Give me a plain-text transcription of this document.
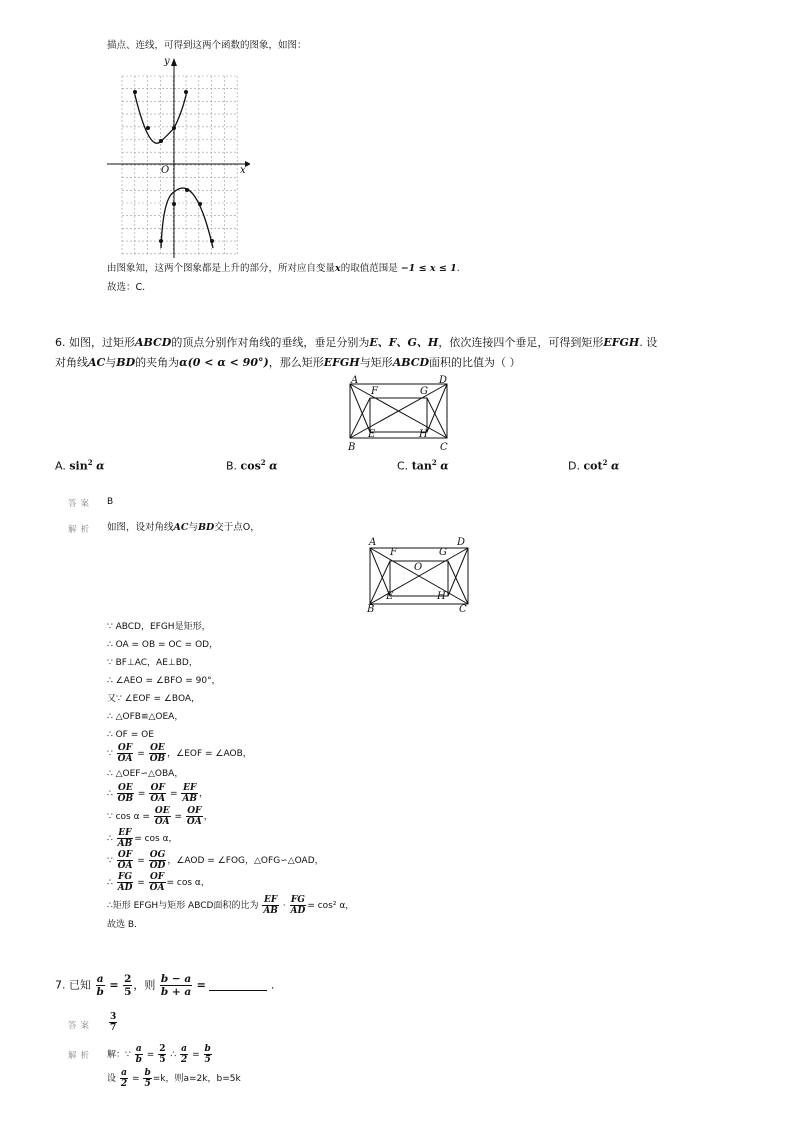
描点、连线，可得到这两个函数的图象，如图：
y
x
O
由图象知，这两个图象都是上升的部分，所对应自变量x的取值范围是 −1 ≤ x ≤ 1.
故选：C.
6. 如图，过矩形ABCD的顶点分别作对角线的垂线，垂足分别为E、F、G、H，依次连接四个垂足，可得到矩形EFGH. 设
对角线AC与BD的夹角为α(0 < α < 90°)，那么矩形EFGH与矩形ABCD面积的比值为（ ）
A	D
F	G
E	H
B	C
A. $\sin^2 \alpha$	B. $\cos^2 \alpha$	C. $\tan^2 \alpha$	D. $\cot^2 \alpha$
答案 B
解析 如图，设对角线AC与BD交于点O，
A	D
F	G
O
E	H
B	C
∵ ABCD，EFGH是矩形，
∴ OA = OB = OC = OD，
∵ BF⊥AC，AE⊥BD，
∴ ∠AEO = ∠BFO = 90°，
又∵ ∠EOF = ∠BOA，
∴ △OFB≌△OEA，
∴ OF = OE
∵ $\frac{OF}{OA} = \frac{OE}{OB}$ ，∠EOF = ∠AOB，
∴ △OEF∽△OBA，
∴ $\frac{OE}{OB} = \frac{OF}{OA} = \frac{EF}{AB}$ ，
∵ $\cos \alpha = \frac{OE}{OA} = \frac{OF}{OA}$ ，
∴ $\frac{EF}{AB} = \cos \alpha$，
∵ $\frac{OF}{OA} = \frac{OG}{OD}$ ，∠AOD = ∠FOG，△OFG∽△OAD，
∴ $\frac{FG}{AD} = \frac{OF}{OA} = \cos \alpha$，
∴矩形 EFGH与矩形 ABCD面积的比为 $\frac{EF}{AB} \cdot \frac{FG}{AD} = \cos^2$ α，
故选 B.
7. 已知 $\frac{a}{b} = \frac{2}{5}$ ，则 $\frac{b - a}{b + a}$ =	.
答案 $\frac{3}{7}$
解析 解：∵ $\frac{a}{b} = \frac{2}{5}$ ∴ $\frac{a}{2} = \frac{b}{5}$
设 $\frac{a}{2} = \frac{b}{5} =k$，则a=2k，b=5k
